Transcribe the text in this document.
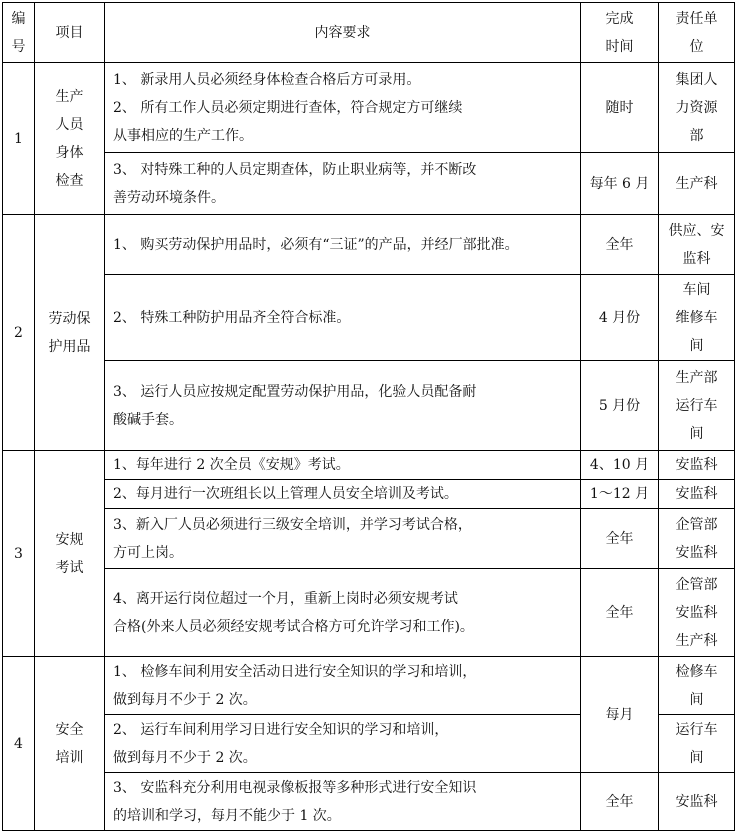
编
号	项目	内容要求	完成
时间	责任单
位

1	生产
人员
身体
检查	1、 新录用人员必须经身体检查合格后方可录用。
2、 所有工作人员必须定期进行查体，符合规定方可继续
从事相应的生产工作。	随时	集团人
力资源
部

		3、 对特殊工种的人员定期查体，防止职业病等，并不断改
善劳动环境条件。	每年 6 月	生产科

2	劳动保
护用品	1、 购买劳动保护用品时，必须有“三证”的产品，并经厂部批准。	全年	供应、安
监科

		2、 特殊工种防护用品齐全符合标准。	4 月份	车间
维修车
间

		3、 运行人员应按规定配置劳动保护用品，化验人员配备耐
酸碱手套。	5 月份	生产部
运行车
间

3	安规
考试	1、每年进行 2 次全员《安规》考试。	4、10 月	安监科

		2、每月进行一次班组长以上管理人员安全培训及考试。	1～12 月	安监科

		3、新入厂人员必须进行三级安全培训，并学习考试合格，
方可上岗。	全年	企管部
安监科

		4、离开运行岗位超过一个月，重新上岗时必须安规考试
合格(外来人员必须经安规考试合格方可允许学习和工作)。	全年	企管部
安监科
生产科

4	安全
培训	1、 检修车间利用安全活动日进行安全知识的学习和培训，
做到每月不少于 2 次。	每月	检修车
间

		2、 运行车间利用学习日进行安全知识的学习和培训，
做到每月不少于 2 次。		运行车
间

		3、 安监科充分利用电视录像板报等多种形式进行安全知识
的培训和学习，每月不能少于 1 次。	全年	安监科
